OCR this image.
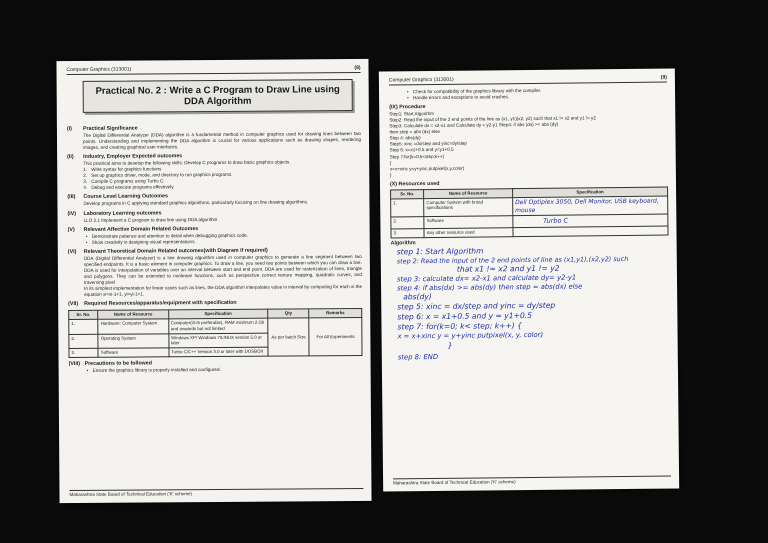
Computer Graphics (313001)	(8)
Practical No. 2 : Write a C Program to Draw Line using DDA Algorithm
(I) Practical Significance
The Digital Differential Analyzer (DDA) algorithm is a fundamental method in computer graphics used for drawing lines between two points. Understanding and implementing the DDA algorithm is crucial for various applications such as drawing shapes, rendering images, and creating graphical user interfaces.
(II) Industry, Employer Expected outcomes
This practical aims to develop the following skills: Develop C programs to draw basic graphics objects.
1. Write syntax for graphics functions
2. Set up graphics driver, mode, and directory to run graphics programs.
3. Compile C programs using Turbo C.
4. Debug and execute programs effectively.
(III) Course Level Learning Outcomes
Develop programs in C applying standard graphics algorithms, particularly focusing on line drawing algorithms.
(IV) Laboratory Learning outcomes
LLO 2.1 Implement a C program to draw line using DDA algorithm
(V) Relevant Affective Domain Related Outcomes
• Demonstrate patience and attention to detail when debugging graphics code.
• Show creativity in designing visual representations.
(VI) Relevant Theoretical Domain Related outcomes(with Diagram if required)
DDA (Digital Differential Analyzer) is a line drawing algorithm used in computer graphics to generate a line segment between two specified endpoints. It is a basic element in computer graphics. To draw a line, you need two points between which you can draw a line. DDA is used for interpolation of variables over an interval between start and end point. DDA are used for rasterization of lines, triangle and polygons. They can be extended to nonlinear functions, such as perspective correct texture mapping, quadratic curves, and traversing pixel
In its simplest implementation for linear cases such as lines, the DDA algorithm interpolates value in interval by computing for each xi the equation xi=xi-1+1, yi=yi-1+1.
(VII) Required Resources/apparatus/equipment with specification
Sr. No.	Name of Resource	Specification	Qty	Remarks
1.	Hardware: Computer System	Computer(i3-i5 preferable), RAM minimum 2 Gb and onwards but not limited	As per batch Size	For All Experiments
2.	Operating System	Windows XP/ Windows 7/LINUX version 5.0 or later		
3.	Software	Turbo C/C++ Version 3.0 or later with DOSBOX		
(VIII) Precautions to be followed
• Ensure the graphics library is properly installed and configured.
Maharashtra State Board of Technical Education ('K' scheme)
Computer Graphics (313001)	(9)
• Check for compatibility of the graphics library with the compiler.
• Handle errors and exceptions to avoid crashes.
(IX) Procedure
Step1: Start Algorithm
Step2: Read the input of the 2 end points of the line as (x1, y1)(x2, y2) such that x1 != x2 and y1 != y2
Step3: Calculate dx = x2-x1 and Calculate dy = y2-y1 Step4: if abs (dx) >= abs (dy)
then step = abs (dx) else
Step 4: abs(dy)
Step5: xinc =dx/step and yinc=dy/step
Step 6: x=x1+0.5 and y=y1+0.5
Step 7:for(k=0;k<step;k++)
{
x=x+xinc y=y+yinc putpixel(x,y,color)
}
(X) Resources used
Sr. No.	Name of Resource	Specification
1.	Computer System with broad specifications	Dell Optiplex 3050, Dell Monitor, USB keyboard, mouse
2.	Software	Turbo C
3.	Any other resource used	
Algorithm
step 1: Start Algorithm
step 2: Read the input of the 2 end points of line as (x1,y1),(x2,y2) such
that x1 != x2 and y1 != y2
step 3: calculate dx= x2-x1 and calculate dy= y2-y1
step 4: if abs(dx) >= abs(dy) then step = abs(dx) else
abs(dy)
step 5: xinc = dx/step and yinc = dy/step
step 6: x = x1+0.5 and y = y1+0.5
step 7: for(k=0; k< step; k++) {
x = x+xinc y = y+yinc putpixel(x, y, color)
}
step 8: END
Maharashtra State Board of Technical Education ('K' scheme)
